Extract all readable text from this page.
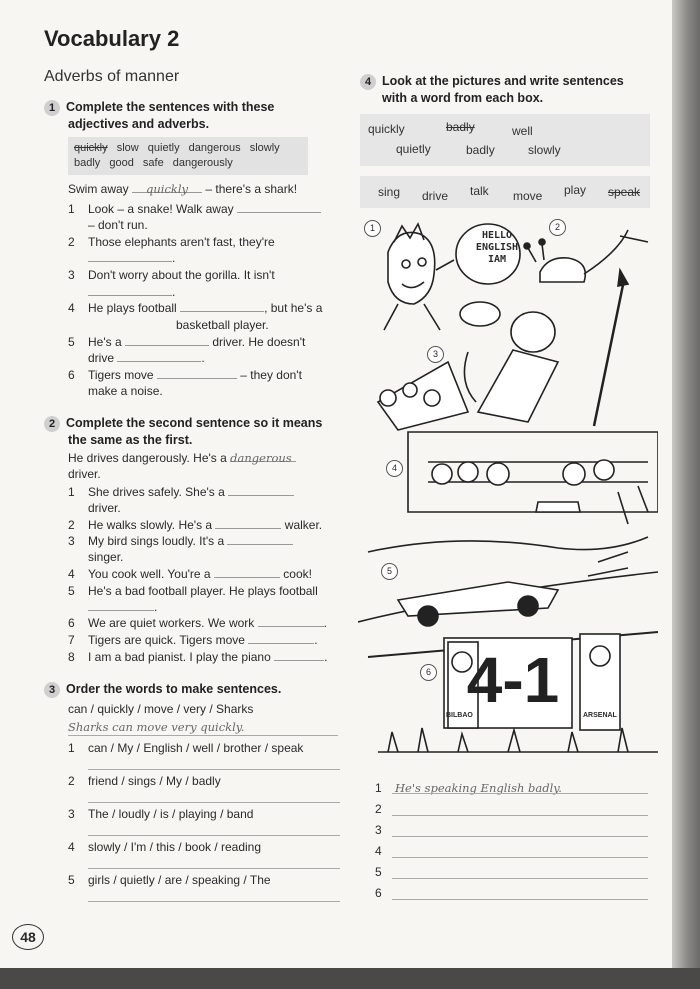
Vocabulary 2
Adverbs of manner
1 Complete the sentences with these
adjectives and adverbs.
quickly slow quietly dangerous slowly
badly good safe dangerously
Swim away quickly – there's a shark!
1 Look – a snake! Walk away
– don't run.
2 Those elephants aren't fast, they're
.
3 Don't worry about the gorilla. It isn't
.
4 He plays football	, but he's a
basketball player.
5 He's a	driver. He doesn't
drive	.
6 Tigers move	– they don't
make a noise.
2 Complete the second sentence so it means
the same as the first.
He drives dangerously. He's a dangerous
driver.
1 She drives safely. She's a
driver.
2 He walks slowly. He's a	walker.
3 My bird sings loudly. It's a
singer.
4 You cook well. You're a	cook!
5 He's a bad football player. He plays football
.
6 We are quiet workers. We work	.
7 Tigers are quick. Tigers move	.
8 I am a bad pianist. I play the piano	.
3 Order the words to make sentences.
can / quickly / move / very / Sharks
Sharks can move very quickly.
1 can / My / English / well / brother / speak
2 friend / sings / My / badly
3 The / loudly / is / playing / band
4 slowly / I'm / this / book / reading
5 girls / quietly / are / speaking / The
48
4 Look at the pictures and write sentences
with a word from each box.
quickly	badly	well
quietly	badly	slowly
sing drive talk move play speak
HELLO
ENGLISH
IAM
4-1
BILBAO	ARSENAL
1	2
3
4
5
6
1 He's speaking English badly.
2
3
4
5
6
